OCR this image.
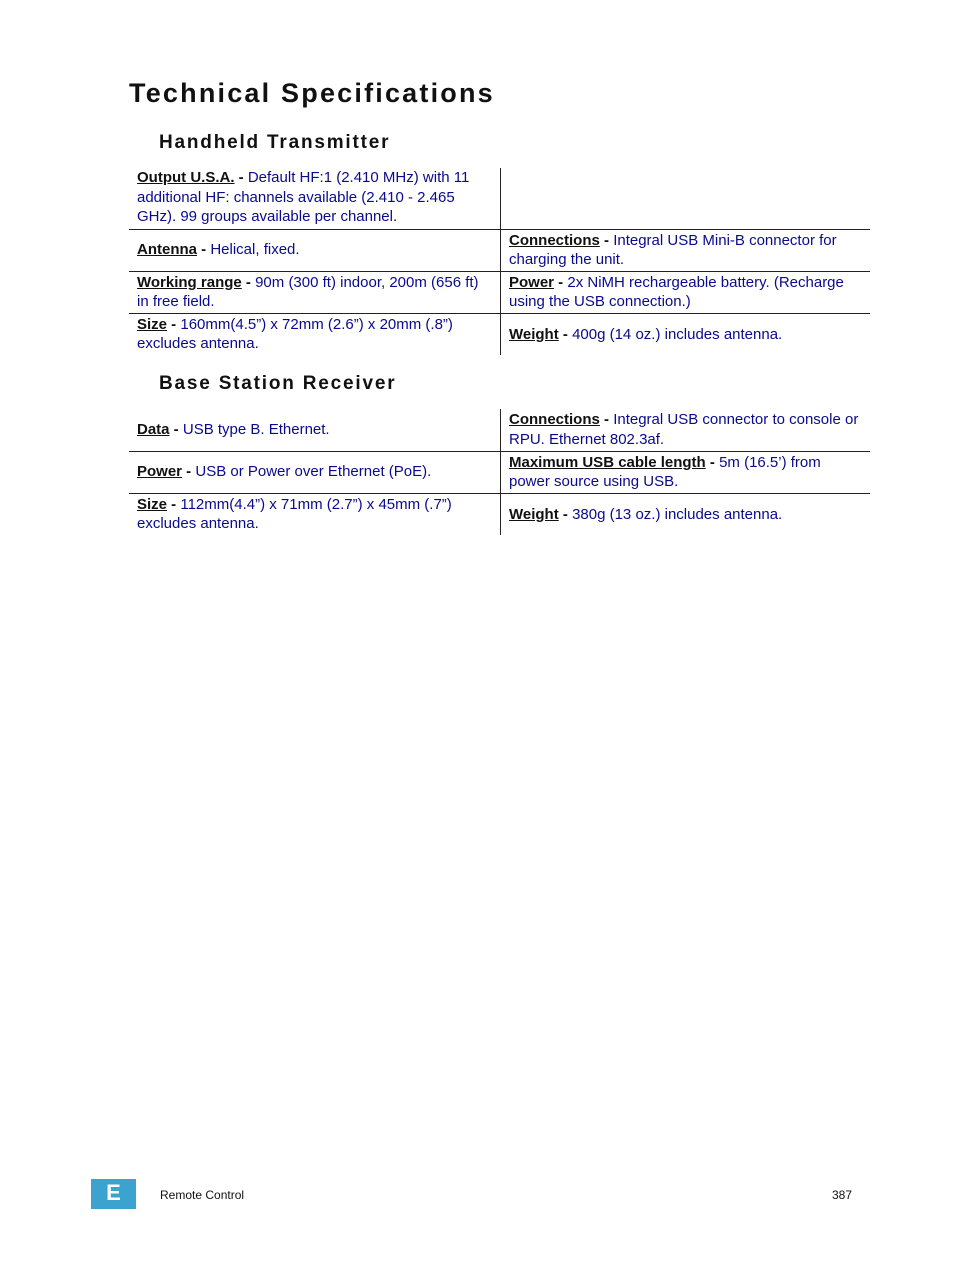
Technical Specifications
Handheld Transmitter
Output U.S.A. - Default HF:1 (2.410 MHz) with 11 additional HF: channels available (2.410 - 2.465 GHz). 99 groups available per channel.	
Antenna - Helical, fixed.	Connections - Integral USB Mini-B connector for charging the unit.
Working range - 90m (300 ft) indoor, 200m (656 ft) in free field.	Power - 2x NiMH rechargeable battery. (Recharge using the USB connection.)
Size - 160mm(4.5”) x 72mm (2.6”) x 20mm (.8”) excludes antenna.	Weight - 400g (14 oz.) includes antenna.
Base Station Receiver
Data - USB type B. Ethernet.	Connections - Integral USB connector to console or RPU. Ethernet 802.3af.
Power - USB or Power over Ethernet (PoE).	Maximum USB cable length - 5m (16.5’) from power source using USB.
Size - 112mm(4.4”) x 71mm (2.7”) x 45mm (.7”) excludes antenna.	Weight - 380g (13 oz.) includes antenna.
E	Remote Control	387
